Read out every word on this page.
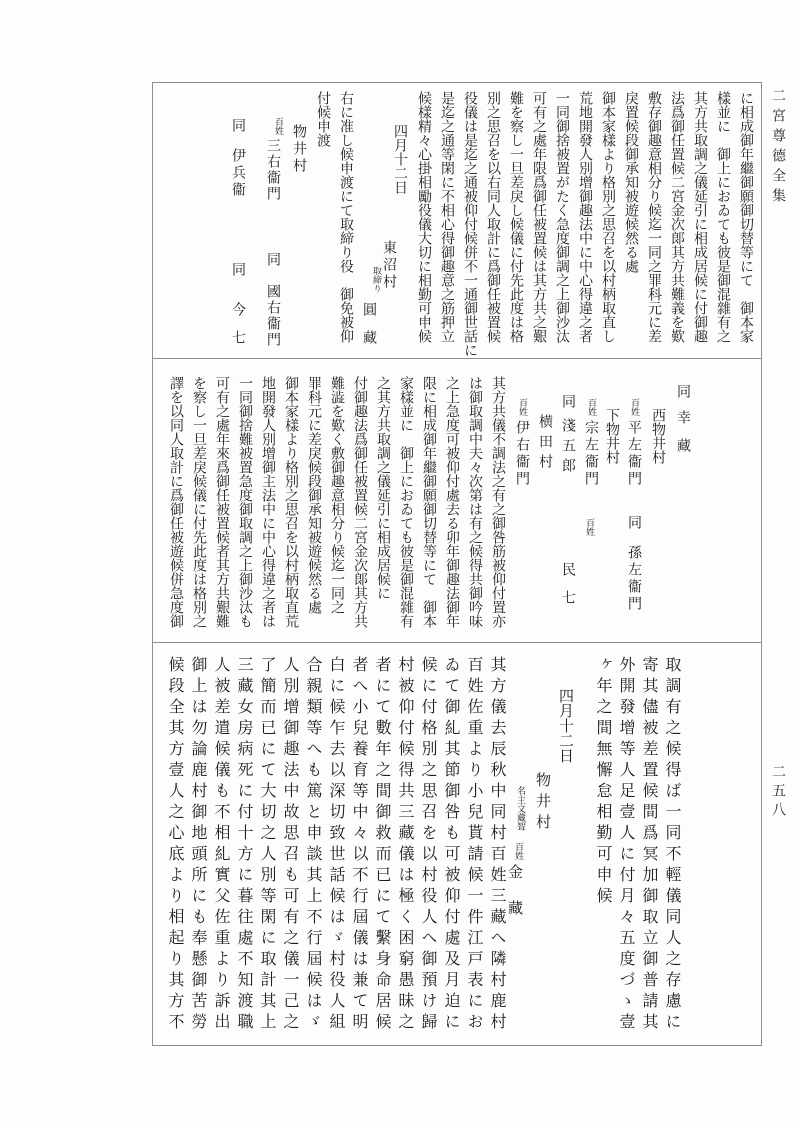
二宮尊德全集
二五八
に相成御年繼御願御切替等にて　御本家
樣並に　御上におゐても彼是御混雜有之
其方共取調之儀延引に相成居候に付御趣
法爲御任置候二宮金次郞其方共難義を歎
敷存御趣意相分り候迄一同之罪科元に差
戾置候段御承知被遊候然る處
御本家樣より格別之思召を以村柄取直し
荒地開發人別增御趣法中に中心得違之者
一同御捨被置がたく急度御調之上御沙汰
可有之處年限爲御任被置候は其方共之艱
難を察し一旦差戾し候儀に付先此度は格
別之思召を以右同人取計に爲御任被置候
役儀は是迄之通被仰付候併不一通御世話に
是迄之通等閑に不相心得御趣意之筋押立
候樣精々心掛相勵役儀大切に相勤可申候
四月十二日
東沼村
取締り
圓　藏
右に准し候申渡にて取締り役　御免被仰
付候申渡
物井村
百姓
三右衞門
同
國右衞門
同
伊兵衞
同
今　七
同
幸　藏
西物井村
百姓
平左衞門
同
孫左衞門
下物井村
百姓
宗左衞門
百姓
民　七
同
淺五郎
横田村
百姓
伊右衞門
其方共儀不調法之有之御咎筋被仰付置亦
は御取調中夫々次第は有之候得共御吟味
之上急度可被仰付處去る卯年御趣法御年
限に相成御年繼御願御切替等にて　御本
家樣並に　御上におゐても彼是御混雜有
之其方共取調之儀延引に相成居候に
付御趣法爲御任被置候二宮金次郞其方共
難澁を歎く敷御趣意相分り候迄一同之
罪科元に差戾候段御承知被遊候然る處
御本家樣より格別之思召を以村柄取直荒
地開發人別增御主法中に中心得違之者は
一同御捨難被置急度御取調之上御沙汰も
可有之處年來爲御任被置候者其方共艱難
を察し一旦差戾候儀に付先此度は格別之
譯を以同人取計に爲御任被遊候併急度御
取調有之候得ば一同不輕儀同人之存慮に
寄其儘被差置候間爲冥加御取立御普請其
外開發增等人足壹人に付月々五度づゝ壹
ヶ年之間無懈怠相勤可申候
四月十二日
物井村
名主文藏聟
百姓
金　藏
其方儀去辰秋中同村百姓三藏へ隣村鹿村
百姓佐重より小兒貰請候一件江戸表にお
ゐて御糺其節御咎も可被仰付處及月迫に
候に付格別之思召を以村役人へ御預け歸
村被仰付候得共三藏儀は極く困窮愚昧之
者にて數年之間御救而已にて繫身命居候
者へ小兒養育等中々以不行屆儀は兼て明
白に候乍去以深切致世話候はゞ村役人組
合親類等へも篤と申談其上不行屆候はゞ
人別增御趣法中故思召も可有之儀一己之
了簡而已にて大切之人別等閑に取計其上
三藏女房病死に付十方に暮往處不知渡職
人被差遣候儀も不相糺實父佐重より訴出
御上は勿論鹿村御地頭所にも奉懸御苦勞
候段全其方壹人之心底より相起り其方不
